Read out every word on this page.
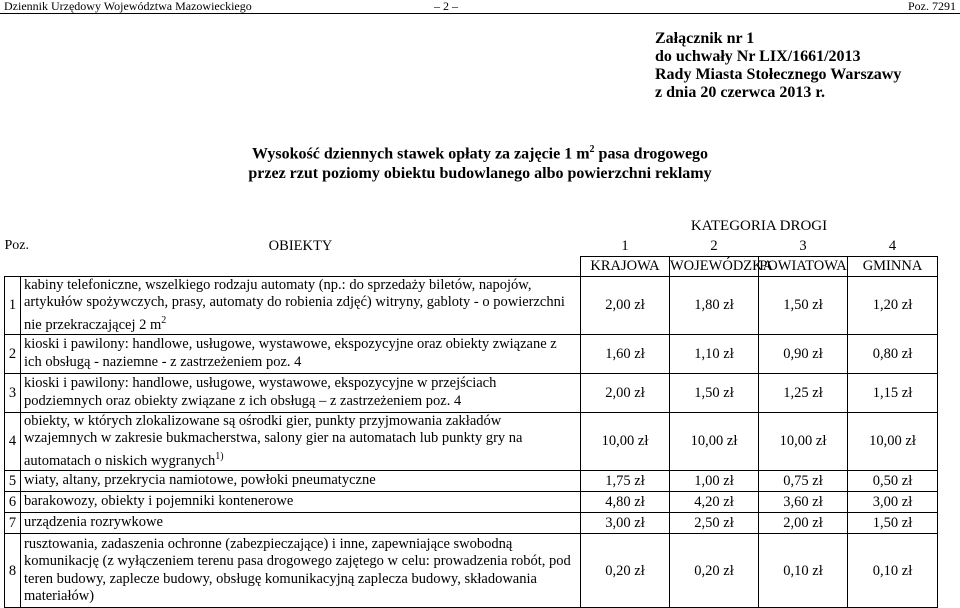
Dziennik Urzędowy Województwa Mazowieckiego	– 2 –	Poz. 7291
Załącznik nr 1
do uchwały Nr LIX/1661/2013
Rady Miasta Stołecznego Warszawy
z dnia 20 czerwca 2013 r.
Wysokość dziennych stawek opłaty za zajęcie 1 $m^2$ pasa drogowego
przez rzut poziomy obiektu budowlanego albo powierzchni reklamy
		KATEGORIA DROGI			
Poz.	OBIEKTY	1	2	3	4
		KRAJOWA	WOJEWÓDZKA	POWIATOWA	GMINNA
1	kabiny telefoniczne, wszelkiego rodzaju automaty (np.: do sprzedaży biletów, napojów, artykułów spożywczych, prasy, automaty do robienia zdjęć) witryny, gabloty - o powierzchni nie przekraczającej 2 $m^2$	2,00 zł	1,80 zł	1,50 zł	1,20 zł
2	kioski i pawilony: handlowe, usługowe, wystawowe, ekspozycyjne oraz obiekty związane z ich obsługą - naziemne - z zastrzeżeniem poz. 4	1,60 zł	1,10 zł	0,90 zł	0,80 zł
3	kioski i pawilony: handlowe, usługowe, wystawowe, ekspozycyjne w przejściach podziemnych oraz obiekty związane z ich obsługą – z zastrzeżeniem poz. 4	2,00 zł	1,50 zł	1,25 zł	1,15 zł
4	obiekty, w których zlokalizowane są ośrodki gier, punkty przyjmowania zakładów wzajemnych w zakresie bukmacherstwa, salony gier na automatach lub punkty gry na automatach o niskich wygranych$^{1)}$	10,00 zł	10,00 zł	10,00 zł	10,00 zł
5	wiaty, altany, przekrycia namiotowe, powłoki pneumatyczne	1,75 zł	1,00 zł	0,75 zł	0,50 zł
6	barakowozy, obiekty i pojemniki kontenerowe	4,80 zł	4,20 zł	3,60 zł	3,00 zł
7	urządzenia rozrywkowe	3,00 zł	2,50 zł	2,00 zł	1,50 zł
8	rusztowania, zadaszenia ochronne (zabezpieczające) i inne, zapewniające swobodną komunikację (z wyłączeniem terenu pasa drogowego zajętego w celu: prowadzenia robót, pod teren budowy, zaplecze budowy, obsługę komunikacyjną zaplecza budowy, składowania materiałów)	0,20 zł	0,20 zł	0,10 zł	0,10 zł
